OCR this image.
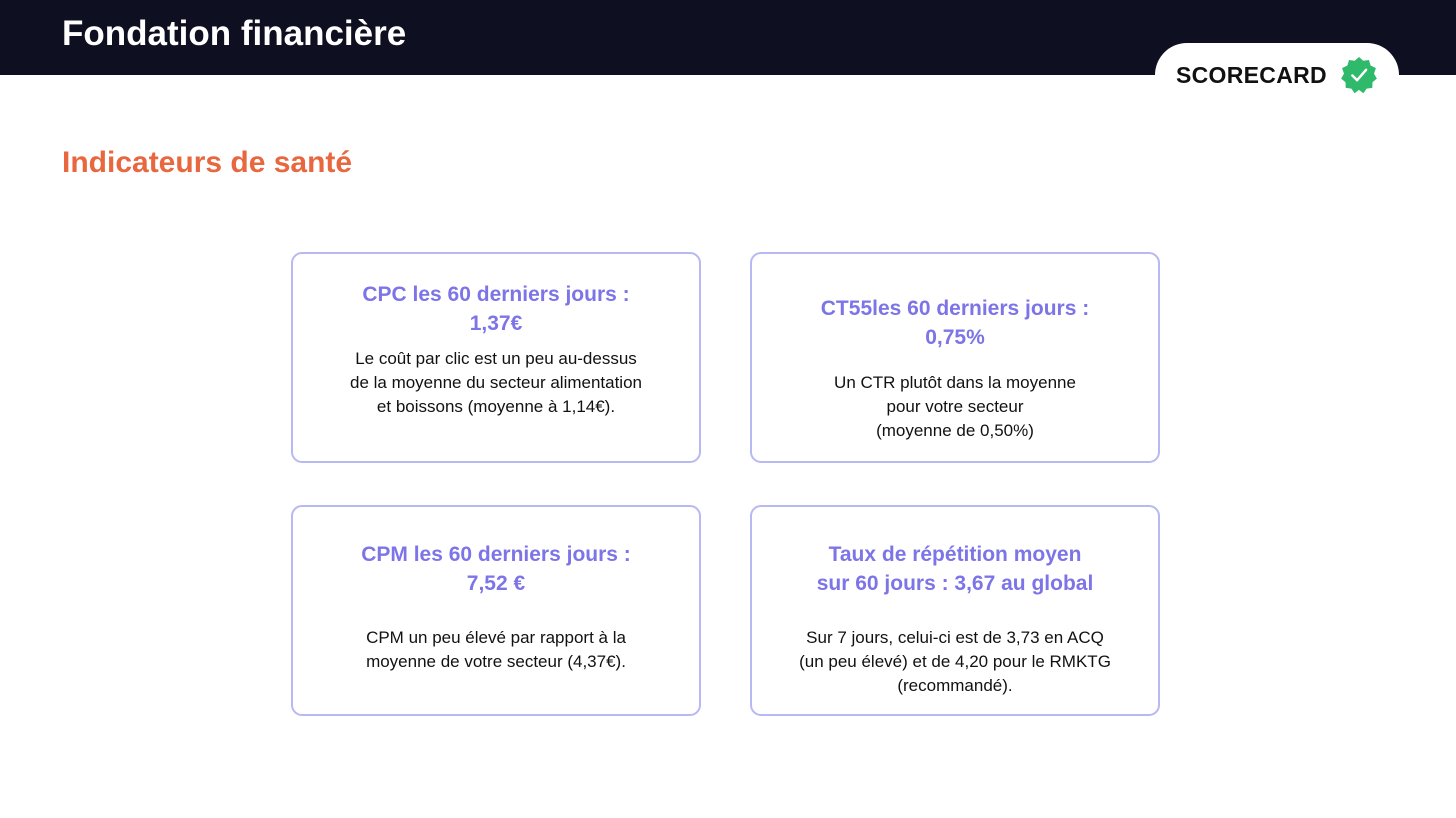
Fondation financière
SCORECARD
Indicateurs de santé
CPC les 60 derniers jours :
1,37€
Le coût par clic est un peu au-dessus
de la moyenne du secteur alimentation
et boissons (moyenne à 1,14€).
CT55les 60 derniers jours :
0,75%
Un CTR plutôt dans la moyenne
pour votre secteur
(moyenne de 0,50%)
CPM les 60 derniers jours :
7,52 €
CPM un peu élevé par rapport à la
moyenne de votre secteur (4,37€).
Taux de répétition moyen
sur 60 jours : 3,67 au global
Sur 7 jours, celui-ci est de 3,73 en ACQ
(un peu élevé) et de 4,20 pour le RMKTG
(recommandé).
